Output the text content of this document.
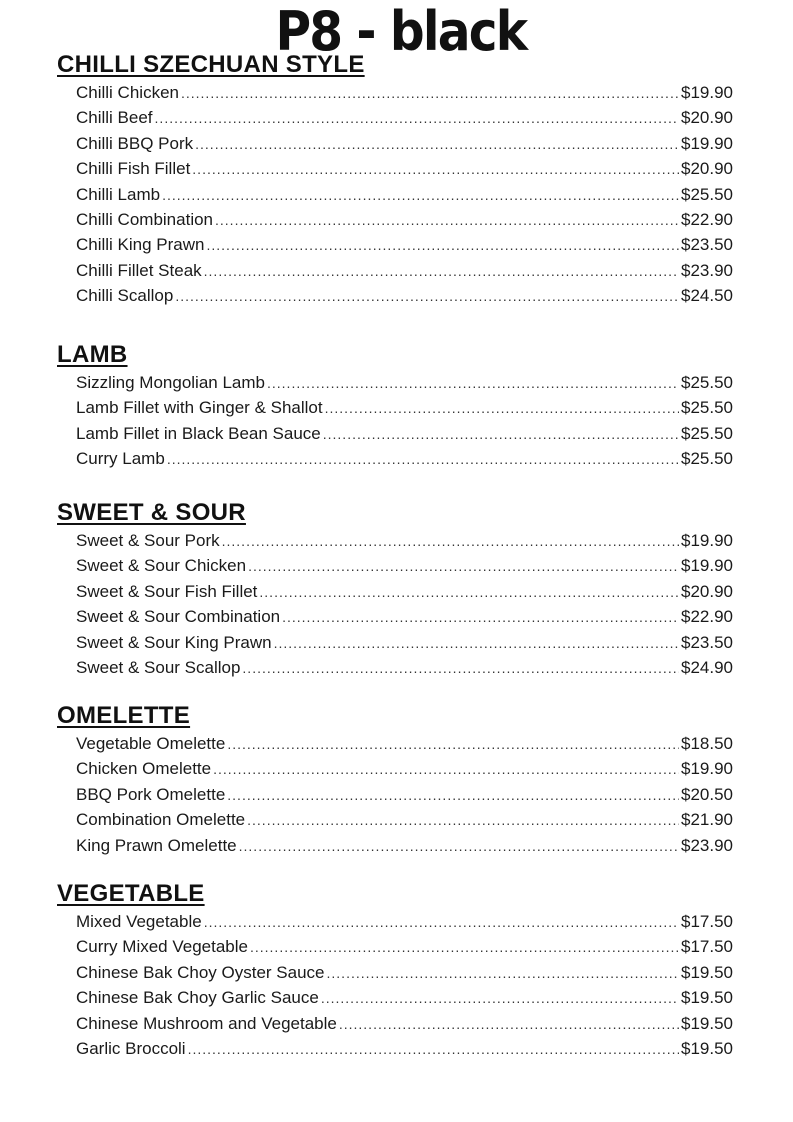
P8 - black
CHILLI SZECHUAN STYLE
Chilli Chicken .....	$19.90
Chilli Beef .....	$20.90
Chilli BBQ Pork .....	$19.90
Chilli Fish Fillet .....	$20.90
Chilli Lamb .....	$25.50
Chilli Combination .....	$22.90
Chilli King Prawn .....	$23.50
Chilli Fillet Steak .....	$23.90
Chilli Scallop .....	$24.50
LAMB
Sizzling Mongolian Lamb .....	$25.50
Lamb Fillet with Ginger & Shallot .....	$25.50
Lamb Fillet in Black Bean Sauce .....	$25.50
Curry Lamb .....	$25.50
SWEET & SOUR
Sweet & Sour Pork .....	$19.90
Sweet & Sour Chicken .....	$19.90
Sweet & Sour Fish Fillet .....	$20.90
Sweet & Sour Combination .....	$22.90
Sweet & Sour King Prawn .....	$23.50
Sweet & Sour Scallop .....	$24.90
OMELETTE
Vegetable Omelette .....	$18.50
Chicken Omelette .....	$19.90
BBQ Pork Omelette .....	$20.50
Combination Omelette .....	$21.90
King Prawn Omelette .....	$23.90
VEGETABLE
Mixed Vegetable .....	$17.50
Curry Mixed Vegetable .....	$17.50
Chinese Bak Choy Oyster Sauce .....	$19.50
Chinese Bak Choy Garlic Sauce .....	$19.50
Chinese Mushroom and Vegetable .....	$19.50
Garlic Broccoli .....	$19.50
